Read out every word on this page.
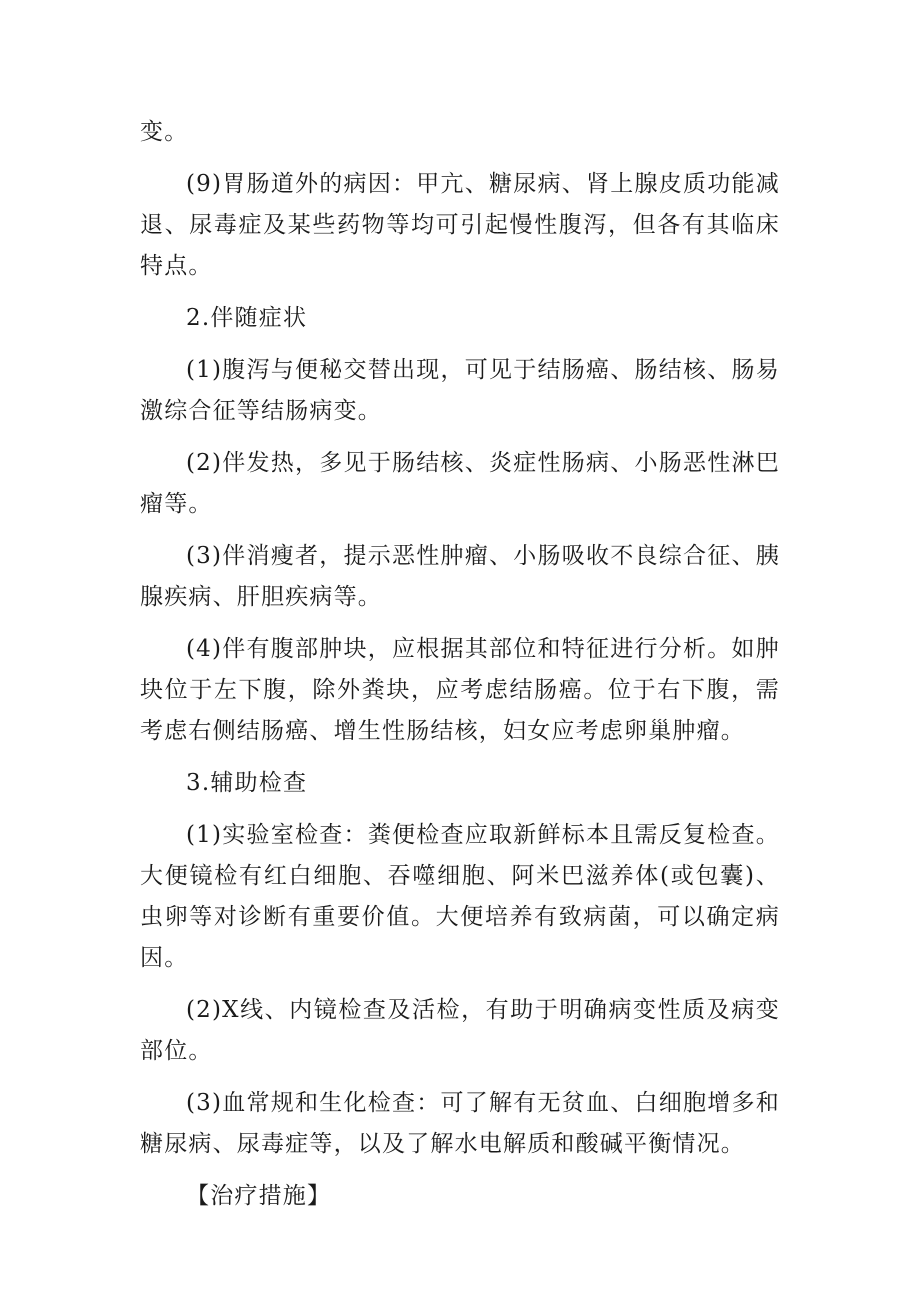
变。

(9)胃肠道外的病因：甲亢、糖尿病、肾上腺皮质功能减退、尿毒症及某些药物等均可引起慢性腹泻，但各有其临床特点。

2.伴随症状

(1)腹泻与便秘交替出现，可见于结肠癌、肠结核、肠易激综合征等结肠病变。

(2)伴发热，多见于肠结核、炎症性肠病、小肠恶性淋巴瘤等。

(3)伴消瘦者，提示恶性肿瘤、小肠吸收不良综合征、胰腺疾病、肝胆疾病等。

(4)伴有腹部肿块，应根据其部位和特征进行分析。如肿块位于左下腹，除外粪块，应考虑结肠癌。位于右下腹，需考虑右侧结肠癌、增生性肠结核，妇女应考虑卵巢肿瘤。

3.辅助检查

(1)实验室检查：粪便检查应取新鲜标本且需反复检查。大便镜检有红白细胞、吞噬细胞、阿米巴滋养体(或包囊)、虫卵等对诊断有重要价值。大便培养有致病菌，可以确定病因。

(2)X线、内镜检查及活检，有助于明确病变性质及病变部位。

(3)血常规和生化检查：可了解有无贫血、白细胞增多和糖尿病、尿毒症等，以及了解水电解质和酸碱平衡情况。

【治疗措施】
